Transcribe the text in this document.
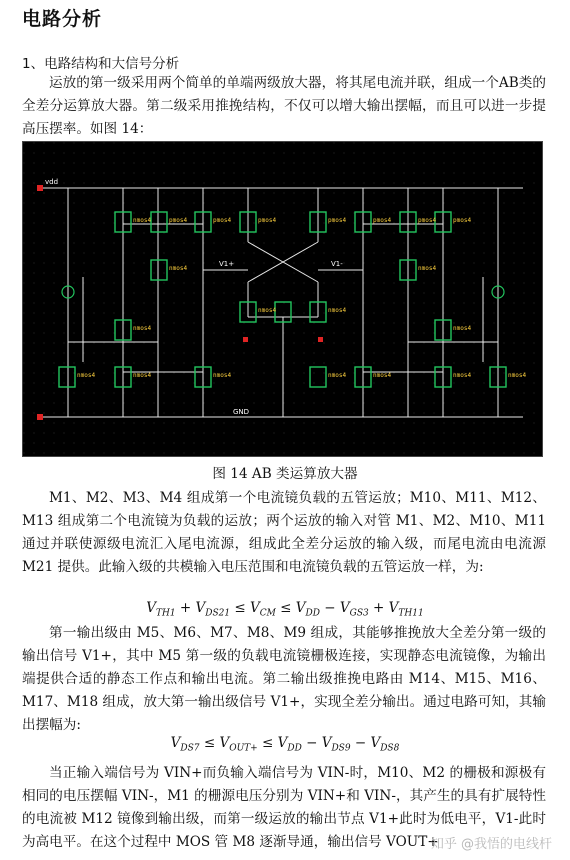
电路分析
1、电路结构和大信号分析
运放的第一级采用两个简单的单端两级放大器，将其尾电流并联，组成一个AB类的全差分运算放大器。第二级采用推挽结构，不仅可以增大输出摆幅，而且可以进一步提高压摆率。如图 14：
nmos4	pmos4	pmos4	pmos4	pmos4	pmos4	pmos4	pmos4
nmos4	nmos4
nmos4	nmos4
nmos4	nmos4
nmos4	nmos4	nmos4	nmos4	nmos4	nmos4	nmos4
vdd
GND
V1+	V1-
图 14 AB 类运算放大器
M1、M2、M3、M4 组成第一个电流镜负载的五管运放；M10、M11、M12、M13 组成第二个电流镜为负载的运放；两个运放的输入对管 M1、M2、M10、M11 通过并联使源级电流汇入尾电流源，组成此全差分运放的输入级，而尾电流由电流源 M21 提供。此输入级的共模输入电压范围和电流镜负载的五管运放一样，为:
$V_{TH1} + V_{DS21} \le V_{CM} \le V_{DD} - V_{GS3} + V_{TH11}$
第一输出级由 M5、M6、M7、M8、M9 组成，其能够推挽放大全差分第一级的输出信号 V1+，其中 M5 第一级的负载电流镜栅极连接，实现静态电流镜像，为输出端提供合适的静态工作点和输出电流。第二输出级推挽电路由 M14、M15、M16、M17、M18 组成，放大第一输出级信号 V1+，实现全差分输出。通过电路可知，其输出摆幅为:
$V_{DS7} \le V_{OUT+} \le V_{DD} - V_{DS9} - V_{DS8}$
当正输入端信号为 VIN+而负输入端信号为 VIN-时，M10、M2 的栅极和源极有相同的电压摆幅 VIN-，M1 的栅源电压分别为 VIN+和 VIN-，其产生的具有扩展特性的电流被 M12 镜像到输出级，而第一级运放的输出节点 V1+此时为低电平，V1-此时为高电平。在这个过程中 MOS 管 M8 逐渐导通，输出信号 VOUT+
知乎 @我悟的电线杆
